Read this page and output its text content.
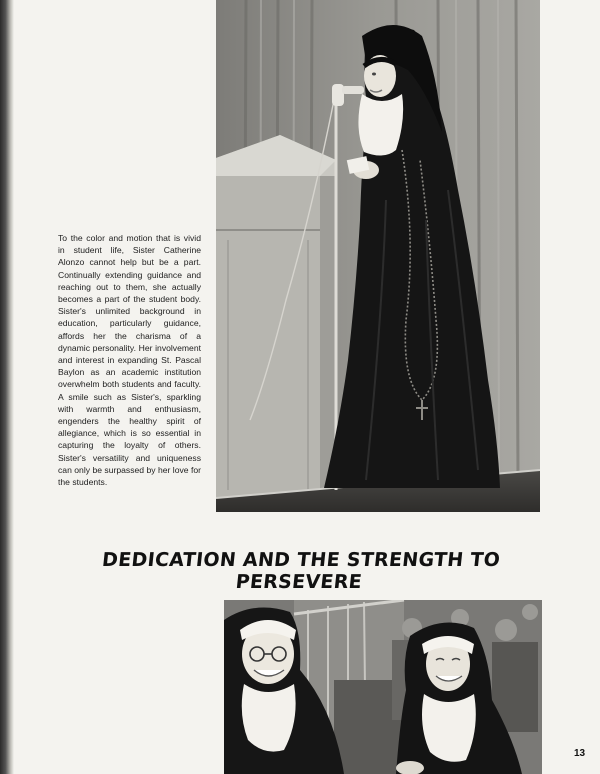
To the color and motion that is vivid in student life, Sister Catherine Alonzo cannot help but be a part. Continually extending guidance and reaching out to them, she actually becomes a part of the student body. Sister's unlimited background in education, particularly guidance, affords her the charisma of a dynamic personality. Her involvement and interest in expanding St. Pascal Baylon as an academic institution overwhelm both students and faculty. A smile such as Sister's, sparkling with warmth and enthusiasm, engenders the healthy spirit of allegiance, which is so essential in capturing the loyalty of others. Sister's versatility and uniqueness can only be surpassed by her love for the students.

DEDICATION AND THE STRENGTH TO PERSEVERE
13
